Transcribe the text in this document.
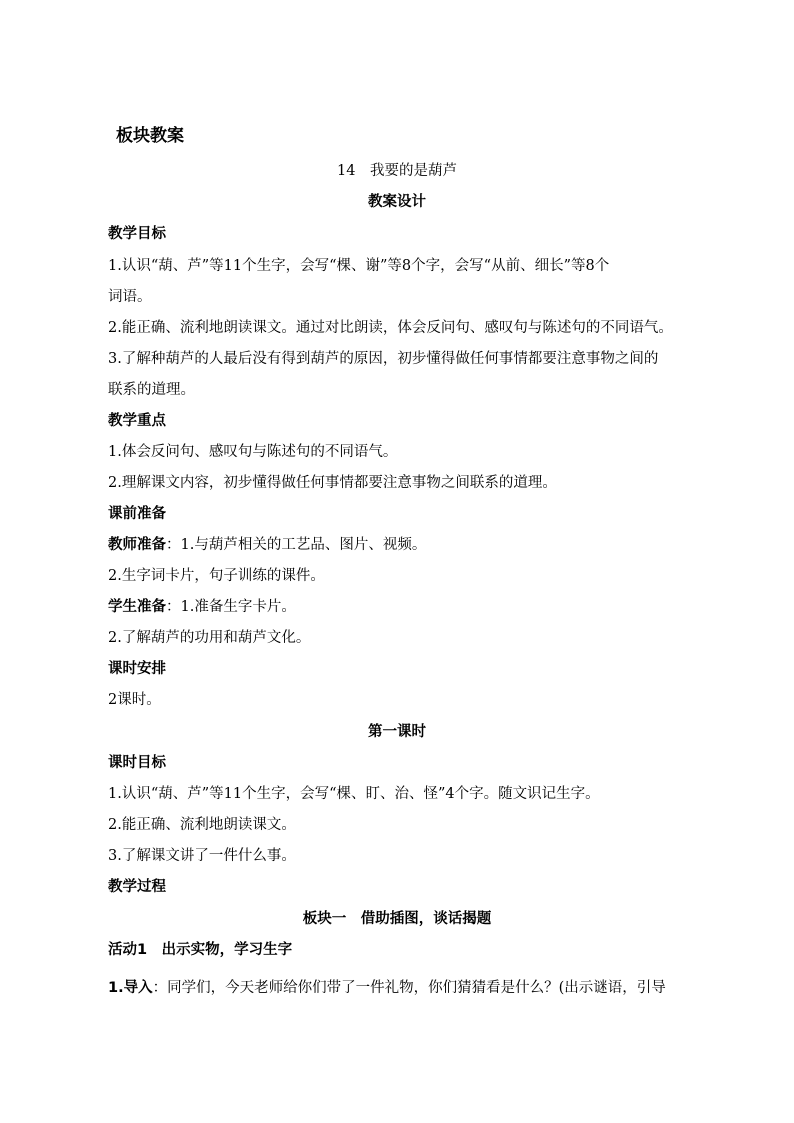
板块教案
14　我要的是葫芦
教案设计
教学目标
1.认识“葫、芦”等11个生字，会写“棵、谢”等8个字，会写“从前、细长”等8个
词语。
2.能正确、流利地朗读课文。通过对比朗读，体会反问句、感叹句与陈述句的不同语气。
3.了解种葫芦的人最后没有得到葫芦的原因，初步懂得做任何事情都要注意事物之间的
联系的道理。
教学重点
1.体会反问句、感叹句与陈述句的不同语气。
2.理解课文内容，初步懂得做任何事情都要注意事物之间联系的道理。
课前准备
教师准备：1.与葫芦相关的工艺品、图片、视频。
2.生字词卡片，句子训练的课件。
学生准备：1.准备生字卡片。
2.了解葫芦的功用和葫芦文化。
课时安排
2课时。
第一课时
课时目标
1.认识“葫、芦”等11个生字，会写“棵、盯、治、怪”4个字。随文识记生字。
2.能正确、流利地朗读课文。
3.了解课文讲了一件什么事。
教学过程
板块一　借助插图，谈话揭题
活动1　出示实物，学习生字
1.导入：同学们，今天老师给你们带了一件礼物，你们猜猜看是什么？(出示谜语，引导
